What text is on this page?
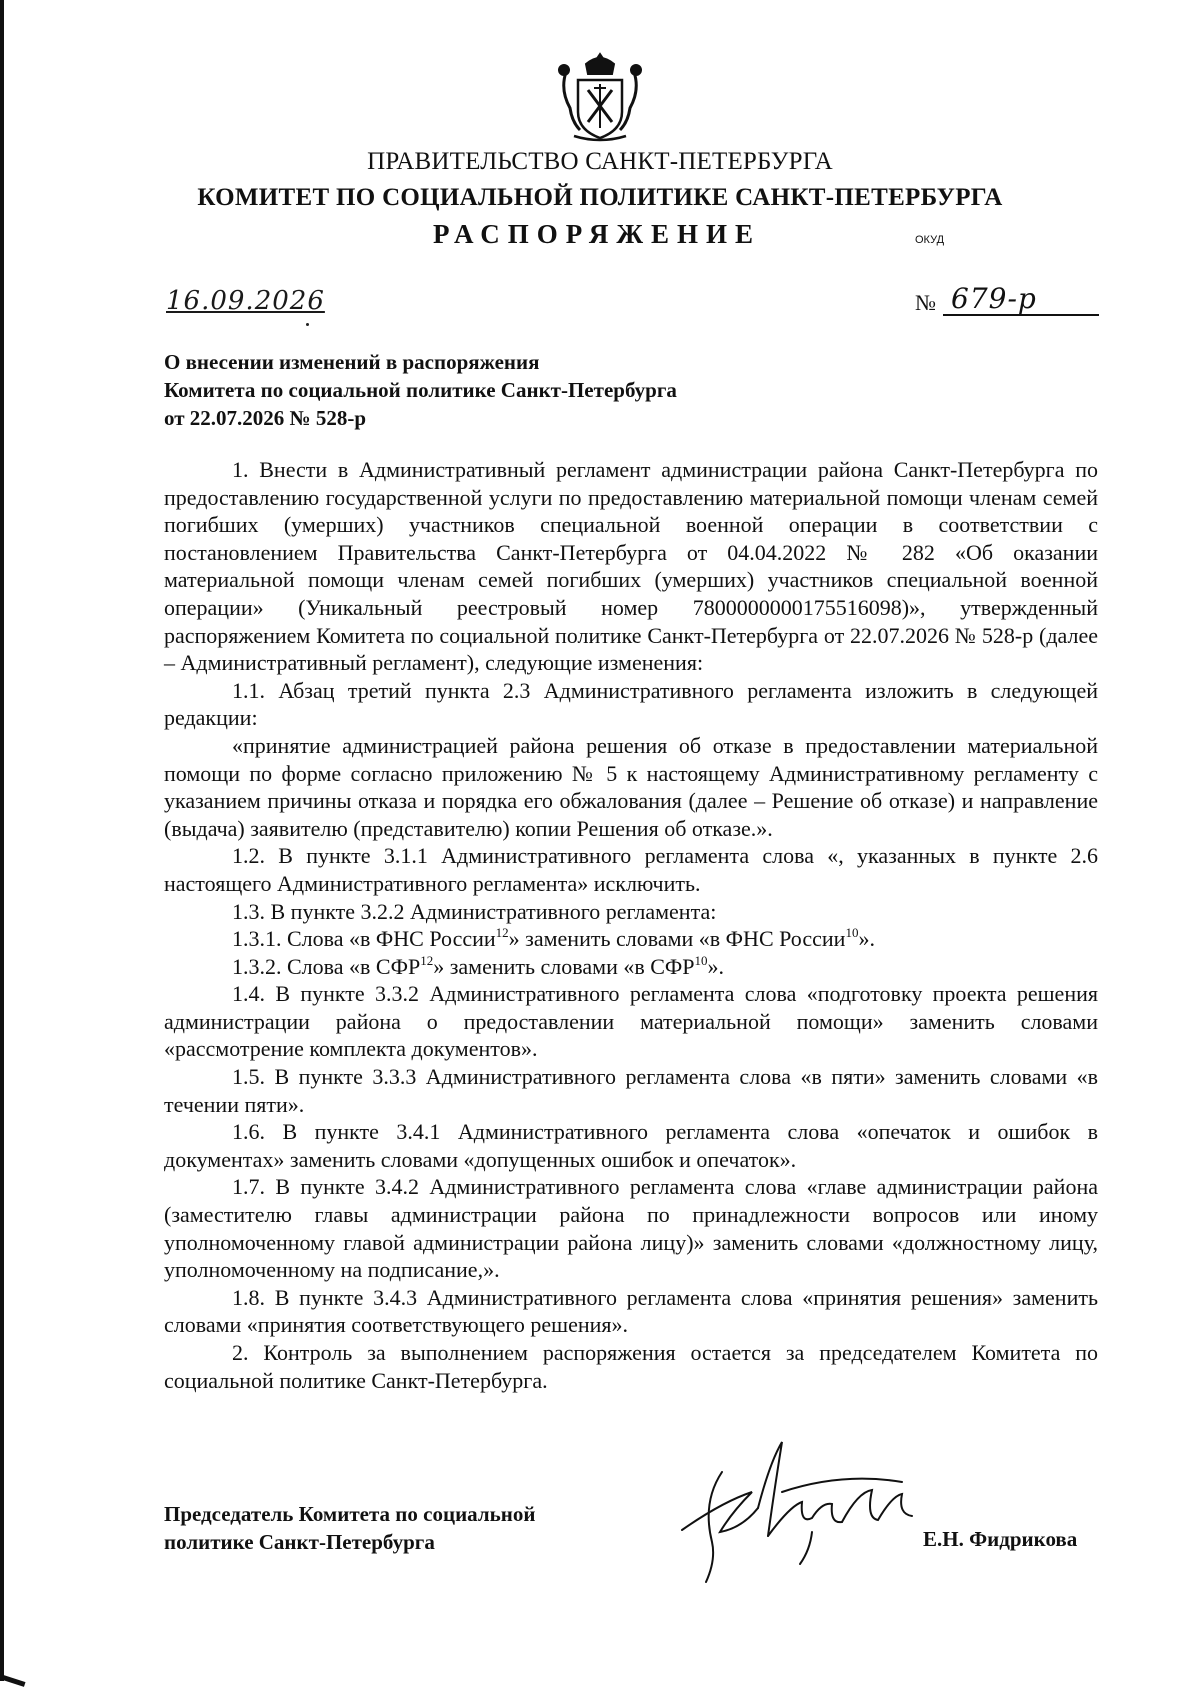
ПРАВИТЕЛЬСТВО САНКТ-ПЕТЕРБУРГА
КОМИТЕТ ПО СОЦИАЛЬНОЙ ПОЛИТИКЕ САНКТ-ПЕТЕРБУРГА
РАСПОРЯЖЕНИЕ	ОКУД
16.09.2026	№ 679-р
О внесении изменений в распоряжения
Комитета по социальной политике Санкт-Петербурга
от 22.07.2026 № 528-р

1. Внести в Административный регламент администрации района Санкт-Петербурга по предоставлению государственной услуги по предоставлению материальной помощи членам семей погибших (умерших) участников специальной военной операции в соответствии с постановлением Правительства Санкт-Петербурга от 04.04.2022 № 282 «Об оказании материальной помощи членам семей погибших (умерших) участников специальной военной операции» (Уникальный реестровый номер 7800000000175516098)», утвержденный распоряжением Комитета по социальной политике Санкт-Петербурга от 22.07.2026 № 528-р (далее – Административный регламент), следующие изменения:

1.1. Абзац третий пункта 2.3 Административного регламента изложить в следующей редакции:

«принятие администрацией района решения об отказе в предоставлении материальной помощи по форме согласно приложению № 5 к настоящему Административному регламенту с указанием причины отказа и порядка его обжалования (далее – Решение об отказе) и направление (выдача) заявителю (представителю) копии Решения об отказе.».

1.2. В пункте 3.1.1 Административного регламента слова «, указанных в пункте 2.6 настоящего Административного регламента» исключить.

1.3. В пункте 3.2.2 Административного регламента:

1.3.1. Слова «в ФНС России$^{12}$» заменить словами «в ФНС России$^{10}$».

1.3.2. Слова «в СФР$^{12}$» заменить словами «в СФР$^{10}$».

1.4. В пункте 3.3.2 Административного регламента слова «подготовку проекта решения администрации района о предоставлении материальной помощи» заменить словами «рассмотрение комплекта документов».

1.5. В пункте 3.3.3 Административного регламента слова «в пяти» заменить словами «в течении пяти».

1.6. В пункте 3.4.1 Административного регламента слова «опечаток и ошибок в документах» заменить словами «допущенных ошибок и опечаток».

1.7. В пункте 3.4.2 Административного регламента слова «главе администрации района (заместителю главы администрации района по принадлежности вопросов или иному уполномоченному главой администрации района лицу)» заменить словами «должностному лицу, уполномоченному на подписание,».

1.8. В пункте 3.4.3 Административного регламента слова «принятия решения» заменить словами «принятия соответствующего решения».

2. Контроль за выполнением распоряжения остается за председателем Комитета по социальной политике Санкт-Петербурга.

Председатель Комитета по социальной
политике Санкт-Петербурга	Е.Н. Фидрикова
